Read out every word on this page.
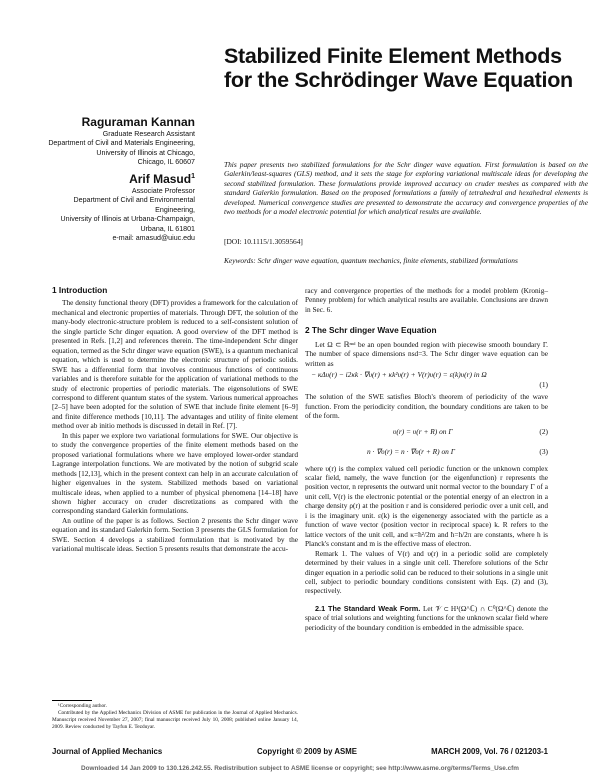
Stabilized Finite Element Methods for the Schrödinger Wave Equation
Raguraman Kannan
Graduate Research Assistant
Department of Civil and Materials Engineering,
University of Illinois at Chicago,
Chicago, IL 60607
Arif Masud$^1$
Associate Professor
Department of Civil and Environmental
Engineering,
University of Illinois at Urbana-Champaign,
Urbana, IL 61801
e-mail: amasud@uiuc.edu
This paper presents two stabilized formulations for the Schr dinger wave equation. First formulation is based on the Galerkin/least-squares (GLS) method, and it sets the stage for exploring variational multiscale ideas for developing the second stabilized formulation. These formulations provide improved accuracy on cruder meshes as compared with the standard Galerkin formulation. Based on the proposed formulations a family of tetrahedral and hexahedral elements is developed. Numerical convergence studies are presented to demonstrate the accuracy and convergence properties of the two methods for a model electronic potential for which analytical results are available.
[DOI: 10.1115/1.3059564]
Keywords: Schr dinger wave equation, quantum mechanics, finite elements, stabilized formulations
1 Introduction

The density functional theory (DFT) provides a framework for the calculation of mechanical and electronic properties of materials. Through DFT, the solution of the many-body electronic-structure problem is reduced to a self-consistent solution of the single particle Schr dinger equation. A good overview of the DFT method is presented in Refs. [1,2] and references therein. The time-independent Schr dinger equation, termed as the Schr dinger wave equation (SWE), is a quantum mechanical equation, which is used to determine the electronic structure of periodic solids. SWE has a differential form that involves continuous functions of continuous variables and is therefore suitable for the application of variational methods to the study of electronic properties of periodic materials. The eigensolutions of SWE correspond to different quantum states of the system. Various numerical approaches [2–5] have been adopted for the solution of SWE that include finite element [6–9] and finite difference methods [10,11]. The advantages and utility of finite element method over ab initio methods is discussed in detail in Ref. [7].

In this paper we explore two variational formulations for SWE. Our objective is to study the convergence properties of the finite element methods based on the proposed variational formulations where we have employed lower-order standard Lagrange interpolation functions. We are motivated by the notion of subgrid scale methods [12,13], which in the present context can help in an accurate calculation of higher eigenvalues in the system. Stabilized methods based on variational multiscale ideas, when applied to a number of physical phenomena [14–18] have shown higher accuracy on cruder discretizations as compared with the corresponding standard Galerkin formulations.

An outline of the paper is as follows. Section 2 presents the Schr dinger wave equation and its standard Galerkin form. Section 3 presents the GLS formulation for SWE. Section 4 develops a stabilized formulation that is motivated by the variational multiscale ideas. Section 5 presents results that demonstrate the accu-

¹Corresponding author.
Contributed by the Applied Mechanics Division of ASME for publication in the Journal of Applied Mechanics. Manuscript received November 27, 2007; final manuscript received July 10, 2008; published online January 14, 2009. Review conducted by Tayfun E. Tezduyar.

racy and convergence properties of the methods for a model problem (Kronig–Penney problem) for which analytical results are available. Conclusions are drawn in Sec. 6.

2 The Schr dinger Wave Equation

Let Ω ⊂ ℝⁿˢᵈ be an open bounded region with piecewise smooth boundary Γ. The number of space dimensions nsd=3. The Schr dinger wave equation can be written as

− κΔυ(r) − i2κk · ∇υ(r) + κk²υ(r) + V(r)υ(r) = ε(k)υ(r) in Ω
(1)

The solution of the SWE satisfies Bloch's theorem of periodicity of the wave function. From the periodicity condition, the boundary conditions are taken to be of the form.

υ(r) = υ(r + R) on Γ	(2)
n · ∇υ(r) = n · ∇υ(r + R) on Γ	(3)

where υ(r) is the complex valued cell periodic function or the unknown complex scalar field, namely, the wave function (or the eigenfunction) r represents the position vector, n represents the outward unit normal vector to the boundary Γ of a unit cell, V(r) is the electronic potential or the potential energy of an electron in a charge density ρ(r) at the position r and is considered periodic over a unit cell, and i is the imaginary unit. ε(k) is the eigenenergy associated with the particle as a function of wave vector (position vector in reciprocal space) k. R refers to the lattice vectors of the unit cell, and κ=ħ²/2m and ħ=h/2π are constants, where h is Planck's constant and m is the effective mass of electron.

Remark 1. The values of V(r) and υ(r) in a periodic solid are completely determined by their values in a single unit cell. Therefore solutions of the Schr dinger equation in a periodic solid can be reduced to their solutions in a single unit cell, subject to periodic boundary conditions consistent with Eqs. (2) and (3), respectively.

2.1 The Standard Weak Form. Let 𝒱 ⊂ H¹(Ω^ℂ) ∩ C⁰(Ω^ℂ) denote the space of trial solutions and weighting functions for the unknown scalar field where periodicity of the boundary condition is embedded in the admissible space.

Journal of Applied Mechanics	Copyright © 2009 by ASME	MARCH 2009, Vol. 76 / 021203-1
Downloaded 14 Jan 2009 to 130.126.242.55. Redistribution subject to ASME license or copyright; see http://www.asme.org/terms/Terms_Use.cfm
